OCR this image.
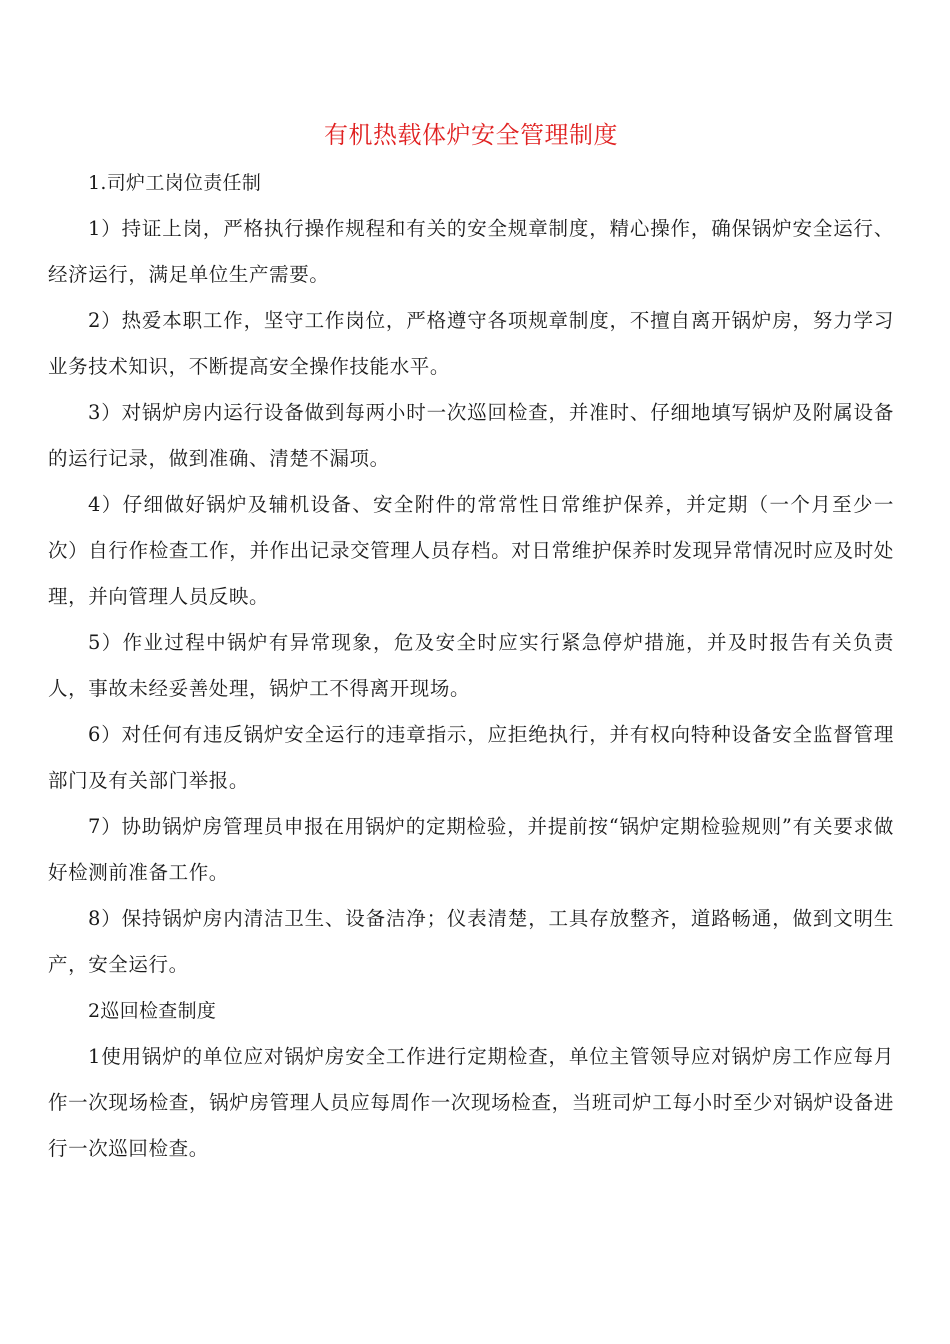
有机热载体炉安全管理制度

1.司炉工岗位责任制

1）持证上岗，严格执行操作规程和有关的安全规章制度，精心操作，确保锅炉安全运行、经济运行，满足单位生产需要。

2）热爱本职工作，坚守工作岗位，严格遵守各项规章制度，不擅自离开锅炉房，努力学习业务技术知识，不断提高安全操作技能水平。

3）对锅炉房内运行设备做到每两小时一次巡回检查，并准时、仔细地填写锅炉及附属设备的运行记录，做到准确、清楚不漏项。

4）仔细做好锅炉及辅机设备、安全附件的常常性日常维护保养，并定期（一个月至少一次）自行作检查工作，并作出记录交管理人员存档。对日常维护保养时发现异常情况时应及时处理，并向管理人员反映。

5）作业过程中锅炉有异常现象，危及安全时应实行紧急停炉措施，并及时报告有关负责人，事故未经妥善处理，锅炉工不得离开现场。

6）对任何有违反锅炉安全运行的违章指示，应拒绝执行，并有权向特种设备安全监督管理部门及有关部门举报。

7）协助锅炉房管理员申报在用锅炉的定期检验，并提前按“锅炉定期检验规则”有关要求做好检测前准备工作。

8）保持锅炉房内清洁卫生、设备洁净；仪表清楚，工具存放整齐，道路畅通，做到文明生产，安全运行。

2巡回检查制度

1使用锅炉的单位应对锅炉房安全工作进行定期检查，单位主管领导应对锅炉房工作应每月作一次现场检查，锅炉房管理人员应每周作一次现场检查，当班司炉工每小时至少对锅炉设备进行一次巡回检查。
